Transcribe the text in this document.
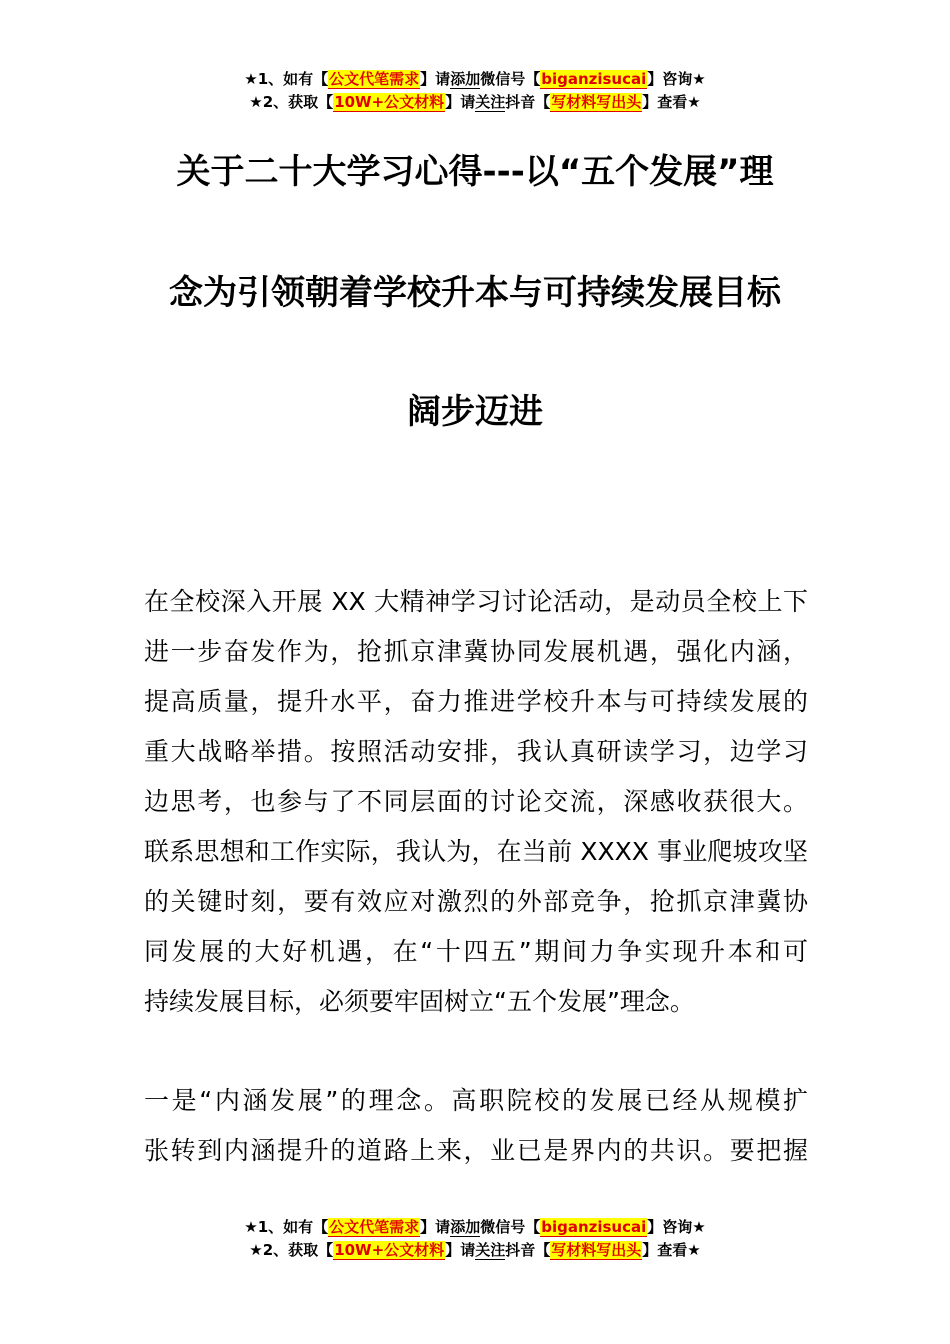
★1、如有【公文代笔需求】请添加微信号【biganzisucai】咨询★
★2、获取【10W+公文材料】请关注抖音【写材料写出头】查看★
关于二十大学习心得---以“五个发展”理
念为引领朝着学校升本与可持续发展目标
阔步迈进
在全校深入开展 XX 大精神学习讨论活动，是动员全校上下
进一步奋发作为，抢抓京津冀协同发展机遇，强化内涵，
提高质量，提升水平，奋力推进学校升本与可持续发展的
重大战略举措。按照活动安排，我认真研读学习，边学习
边思考，也参与了不同层面的讨论交流，深感收获很大。
联系思想和工作实际，我认为，在当前 XXXX 事业爬坡攻坚
的关键时刻，要有效应对激烈的外部竞争，抢抓京津冀协
同发展的大好机遇，在“十四五”期间力争实现升本和可
持续发展目标，必须要牢固树立“五个发展”理念。
一是“内涵发展”的理念。高职院校的发展已经从规模扩
张转到内涵提升的道路上来，业已是界内的共识。要把握
★1、如有【公文代笔需求】请添加微信号【biganzisucai】咨询★
★2、获取【10W+公文材料】请关注抖音【写材料写出头】查看★
